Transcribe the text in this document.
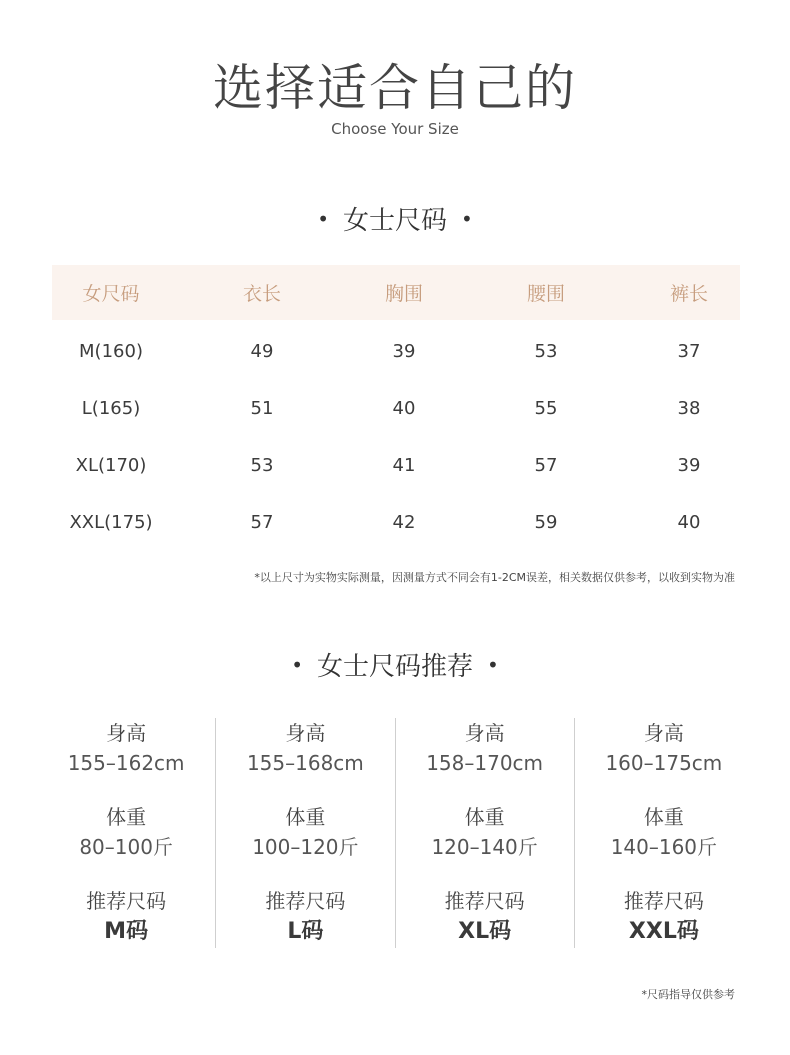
选择适合自己的
Choose Your Size
• 女士尺码 •
女尺码	衣长	胸围	腰围	裤长
M(160)	49	39	53	37
L(165)	51	40	55	38
XL(170)	53	41	57	39
XXL(175)	57	42	59	40
*以上尺寸为实物实际测量，因测量方式不同会有1-2CM误差，相关数据仅供参考，以收到实物为准
• 女士尺码推荐 •
身高
155–162cm
体重
80–100斤
推荐尺码
M码
身高
155–168cm
体重
100–120斤
推荐尺码
L码
身高
158–170cm
体重
120–140斤
推荐尺码
XL码
身高
160–175cm
体重
140–160斤
推荐尺码
XXL码
*尺码指导仅供参考
